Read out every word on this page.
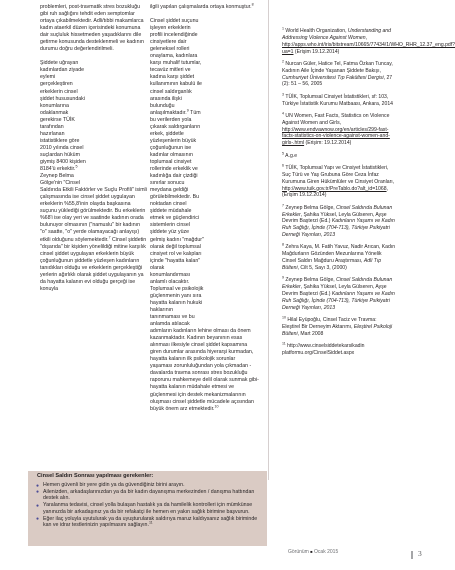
problemleri, post-travmatik stres bozukluğu gibi ruh sağlığını tehdit eden semptomlar ortaya çıkabilmektedir. Adli/tıbbi makamlarca kadın ataerkil düzen içerisindeki konumuna dair suçluluk hissetmeden yaşadıklarını dile getirme konusunda desteklenmeli ve kadının durumu doğru değerlendirilmeli.

Şiddete uğrayan kadınlardan ziyade eylemi gerçekleştiren erkeklerin cinsel şiddet hususundaki konumlarına odaklanmak gerekirse TÜİK tarafından hazırlanan istatistiklere göre 2010 yılında cinsel suçlardan hüküm giymiş 8400 kişiden 8184'ü erkektir.$^5$ Zeynep Belma Gölge'nin "Cinsel Saldırıda Etkili Faktörler ve Suçlu Profili" isimli çalışmasında ise cinsel şiddet uygulayan erkeklerin %55,8'inin olayda başkasına suçunu yüklediği görülmektedir. Bu erkeklerin %68'i ise olay yeri ve saatinde kadının orada bulunuyor olmasının ("namuslu" bir kadının "o" saatte, "o" yerde olamayacağı anlayışı) etkili olduğunu söylemektedir.$^7$ Cinsel şiddetin "dışarıda" bir kişiden yönelildiği mitine karşılık cinsel şiddet uygulayan erkeklerin büyük çoğunluğunun şiddetle yüzleşen kadınların tanıdıkları olduğu ve erkeklerin gerçekleştiği yerlerin ağırlıklı olarak şiddet uygulayanın ya da hayatta kalanın evi olduğu gerçeği ise konuyla

ilgili yapılan çalışmalarda ortaya konmuştur.$^8$

Cinsel şiddet suçunu işleyen erkeklerin profili incelendiğinde cinsiyetlere dair geleneksel rolleri onaylama, kadınlara karşı muhalif tutumlar, tecavüz mitleri ve kadına karşı şiddet kullanımının kabulü ile cinsel saldırganlık arasında ilişki bulunduğu anlaşılmaktadır.$^9$ Tüm bu verilerden yola çıkarak saldırganların erkek, şiddetle yüzleşenlerin büyük çoğunluğunun ise kadınlar olmasının toplumsal cinsiyet rollerinde erkeklik ve kadınlığa dair çizdiği sınırlar sonucu meydana geldiği görülebilmektedir. Bu noktadan cinsel şiddete müdahale etmek ve güçlendirici sistemlerin cinsel şiddete yüz yüze gelmiş kadını "mağdur" olarak değil toplumsal cinsiyet rol ve kalıpları içinde "hayatta kalan" olarak konumlandırması anlamlı olacaktır. Toplumsal ve psikolojik güçlenmenin yanı sıra hayatta kalanın hukuki haklarının tanınmaması ve bu anlamda atılacak adımların kadınların lehine olması da önem kazanmaktadır. Kadının beyanının esas alınması ilkesiyle cinsel şiddet kapsamına giren durumlar arasında hiyerarşi kurmadan, hayatta kalanın ilk psikolojik sorunlar yaşaması zorunluluğundan yola çıkmadan -davalarda travma sonrası stres bozukluğu raporunu mahkemeye delil olarak sunmak gibi- hayatta kalanın müdahale etmesi ve güçlenmesi için destek mekanizmalarının oluşması cinsel şiddetle mücadele açısından büyük önem arz etmektedir.$^{10}$

$^1$ World Health Organization, Understanding and Addressing Violence Against Women, http://apps.who.int/iris/bitstream/10665/77434/1/WHO_RHR_12.37_eng.pdf?ua=1 (Erişim 19.12.2014)

$^2$ Nurcan Güler, Hatice Tel, Fatma Özkan Tuncay, Kadının Aile İçinde Yaşanan Şiddete Bakışı, Cumhuriyet Üniversitesi Tıp Fakültesi Dergisi, 27 (2): 51 – 56, 2005

$^3$ TÜİK, Toplumsal Cinsiyet İstatistikleri, sf: 103, Türkiye İstatistik Kurumu Matbaası, Ankara, 2014

$^4$ UN Women, Fast Facts, Statistics on Violence Against Women and Girls, http://www.endvawnow.org/en/articles/299-fast-facts-statistics-on-violence-against-women-and-girls-.html (Erişim: 19.12.2014)

$^5$ A.g.e

$^6$ TÜİK, Toplumsal Yapı ve Cinsiyet İstatistikleri, Suç Türü ve Yaş Grubuna Göre Ceza İnfaz Kurumuna Giren Hükümlüler ve Cinsiyet Oranları, http://www.tuik.gov.tr/PreTablo.do?alt_id=1068, (Erişim 19.12.2014)

$^7$ Zeynep Belma Gölge, Cinsel Saldırıda Bulunan Erkekler, Şahika Yüksel, Leyla Gülseren, Ayşe Devrim Başterzi (Ed.) Kadınların Yaşamı ve Kadın Ruh Sağlığı, İçinde (704-713), Türkiye Psikiyatri Derneği Yayınları, 2013

$^8$ Zehra Kaya, M. Fatih Yavuz, Nadir Arıcan, Kadın Mağdurların Gözünden Mezunlarına Yönelik Cinsel Saldırı Mağduru Araştırması, Adli Tıp Bülteni, Cilt 5, Sayı 3, (2000)

$^9$ Zeynep Belma Gölge, Cinsel Saldırıda Bulunan Erkekler, Şahika Yüksel, Leyla Gülseren, Ayşe Devrim Başterzi (Ed.) Kadınların Yaşamı ve Kadın Ruh Sağlığı, İçinde (704-713), Türkiye Psikiyatri Derneği Yayınları, 2013

$^{10}$ Hilal Eyüpoğlu, Cinsel Taciz ve Travma: Eleştirel Bir Derneyim Aktarımı, Eleştirel Psikoloji Bülteni, Mart 2008

$^{11}$ http://www.cinselsiddetekarsikadin platformu.org/CinselSiddet.aspx

Cinsel Saldırı Sonrası yapılması gerekenler:
● Hemen güvenli bir yere gidin ya da güvendiğiniz birini arayın.
● Ailenizden, arkadaşlarınızdan ya da bir kadın dayanışma merkezinden / danışma hattından destek alın.
● Yaralanma tedavisi, cinsel yolla bulaşan hastalık ya da hamilelik kontrolleri için mümkünse yanınızda bir arkadaşınız ya da bir refakatçi ile hemen en yakın sağlık birimine başvurun.
● Eğer ilaç yoluyla uyutulurak ya da uyuşturularak saldırıya maruz kaldıysanız sağlık biriminde kan ve idrar testlerinizin yapılmasını sağlayın.$^{11}$
Görünüm ■ Ocak 2015	3
